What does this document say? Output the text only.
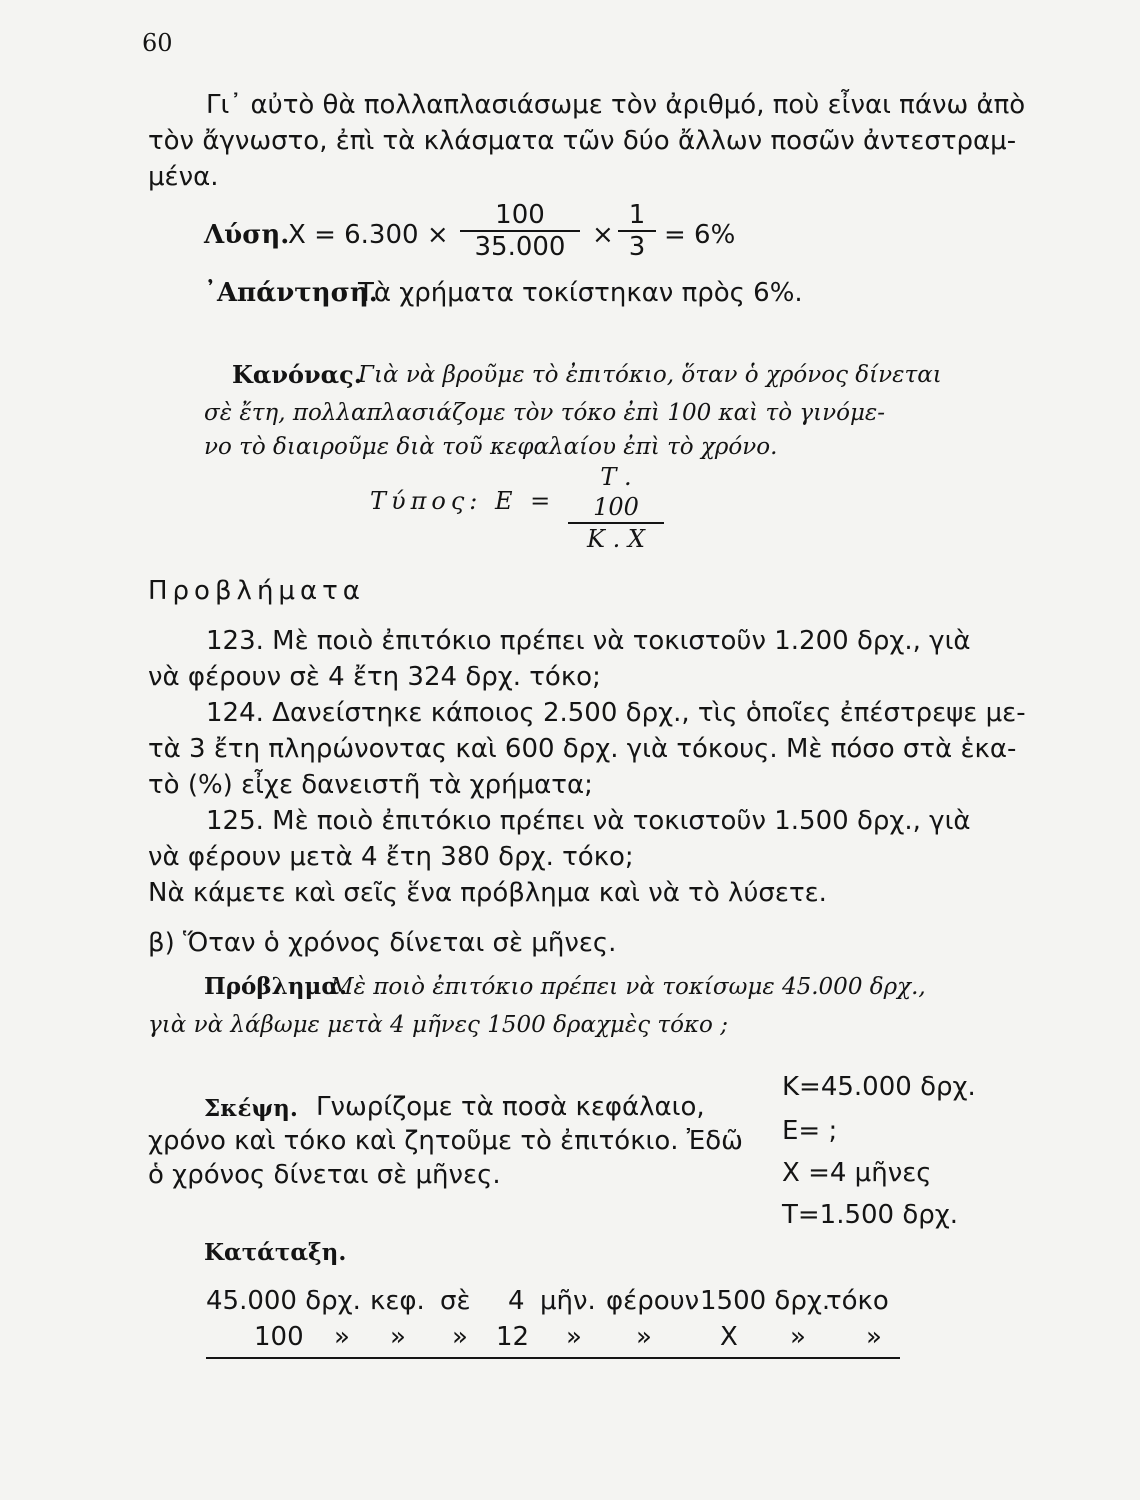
60
Γι᾽ αὐτὸ θὰ πολλαπλασιάσωμε τὸν ἀριθμό, ποὺ εἶναι πάνω ἀπὸ
τὸν ἄγνωστο, ἐπὶ τὰ κλάσματα τῶν δύο ἄλλων ποσῶν ἀντεστραμ-
μένα.
Λύση.
$X = 6.300 \times \frac{100}{35.000} \times \frac{1}{3} = 6\%$
᾽Απάντηση.
Τὰ χρήματα τοκίστηκαν πρὸς 6%.
Κανόνας.
Γιὰ νὰ βροῦμε τὸ ἐπιτόκιο, ὅταν ὁ χρόνος δίνεται
σὲ ἔτη, πολλαπλασιάζομε τὸν τόκο ἐπὶ 100 καὶ τὸ γινόμε-
νο τὸ διαιροῦμε διὰ τοῦ κεφαλαίου ἐπὶ τὸ χρόνο.
Τύπος: $E = \frac{T . 100}{K . X}$
Προβλήματα
123. Μὲ ποιὸ ἐπιτόκιο πρέπει νὰ τοκιστοῦν 1.200 δρχ., γιὰ
νὰ φέρουν σὲ 4 ἔτη 324 δρχ. τόκο;
124. Δανείστηκε κάποιος 2.500 δρχ., τὶς ὁποῖες ἐπέστρεψε με-
τὰ 3 ἔτη πληρώνοντας καὶ 600 δρχ. γιὰ τόκους. Μὲ πόσο στὰ ἑκα-
τὸ (%) εἶχε δανειστῆ τὰ χρήματα;
125. Μὲ ποιὸ ἐπιτόκιο πρέπει νὰ τοκιστοῦν 1.500 δρχ., γιὰ
νὰ φέρουν μετὰ 4 ἔτη 380 δρχ. τόκο;
Νὰ κάμετε καὶ σεῖς ἕνα πρόβλημα καὶ νὰ τὸ λύσετε.
β) Ὅταν ὁ χρόνος δίνεται σὲ μῆνες.
Πρόβλημα.
Μὲ ποιὸ ἐπιτόκιο πρέπει νὰ τοκίσωμε 45.000 δρχ.,
γιὰ νὰ λάβωμε μετὰ 4 μῆνες 1500 δραχμὲς τόκο ;
K=45.000 δρχ.
E= ;
X =4 μῆνες
T=1.500 δρχ.
Σκέψη. Γνωρίζομε τὰ ποσὰ κεφάλαιο,
χρόνο καὶ τόκο καὶ ζητοῦμε τὸ ἐπιτόκιο. Ἐδῶ
ὁ χρόνος δίνεται σὲ μῆνες.
Κατάταξη.
45.000 δρχ. κεφ. σὲ 4 μῆν. φέρουν 1500 δρχ.
τόκο
100 » » » 12 » »	X » »
